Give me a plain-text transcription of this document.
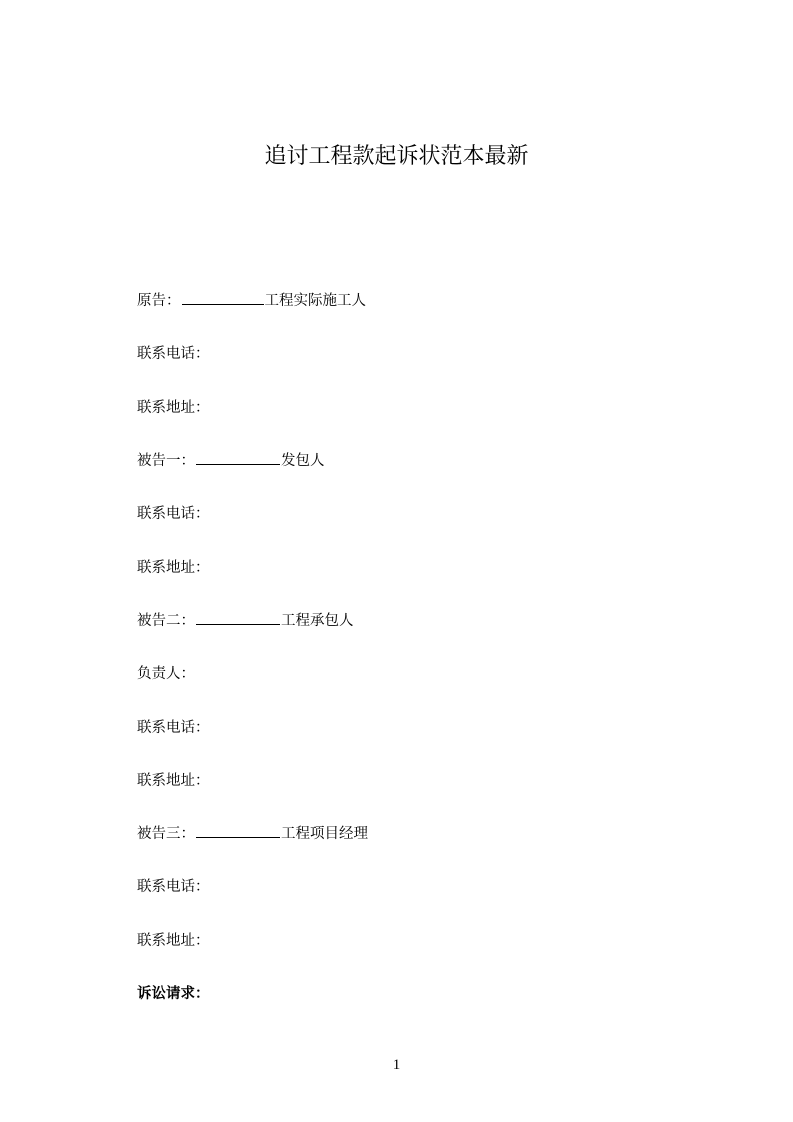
追讨工程款起诉状范本最新

原告：	工程实际施工人

联系电话：

联系地址：

被告一：	发包人

联系电话：

联系地址：

被告二：	工程承包人

负责人：

联系电话：

联系地址：

被告三：	工程项目经理

联系电话：

联系地址：

诉讼请求：

1
